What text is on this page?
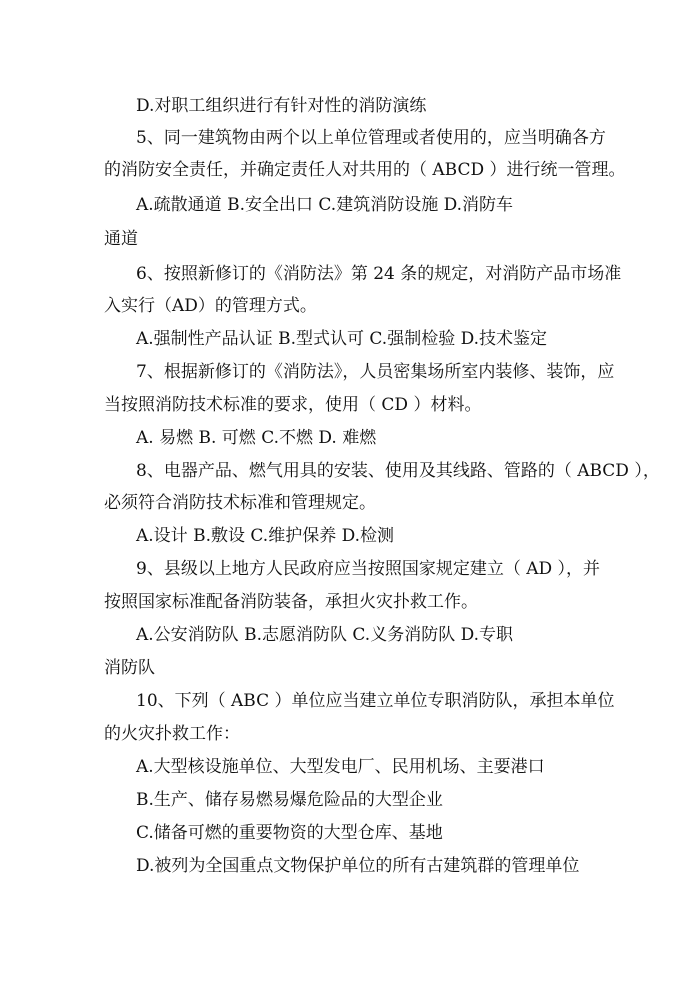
D.对职工组织进行有针对性的消防演练
5、同一建筑物由两个以上单位管理或者使用的，应当明确各方
的消防安全责任，并确定责任人对共用的（ ABCD ）进行统一管理。
A.疏散通道 B.安全出口 C.建筑消防设施 D.消防车
通道
6、按照新修订的《消防法》第 24 条的规定，对消防产品市场准
入实行（AD）的管理方式。
A.强制性产品认证 B.型式认可 C.强制检验 D.技术鉴定
7、根据新修订的《消防法》，人员密集场所室内装修、装饰，应
当按照消防技术标准的要求，使用（ CD ）材料。
A. 易燃 B. 可燃 C.不燃 D. 难燃
8、电器产品、燃气用具的安装、使用及其线路、管路的（ ABCD ），
必须符合消防技术标准和管理规定。
A.设计 B.敷设 C.维护保养 D.检测
9、县级以上地方人民政府应当按照国家规定建立（ AD ），并
按照国家标准配备消防装备，承担火灾扑救工作。
A.公安消防队 B.志愿消防队 C.义务消防队 D.专职
消防队
10、下列（ ABC ）单位应当建立单位专职消防队，承担本单位
的火灾扑救工作：
A.大型核设施单位、大型发电厂、民用机场、主要港口
B.生产、储存易燃易爆危险品的大型企业
C.储备可燃的重要物资的大型仓库、基地
D.被列为全国重点文物保护单位的所有古建筑群的管理单位
